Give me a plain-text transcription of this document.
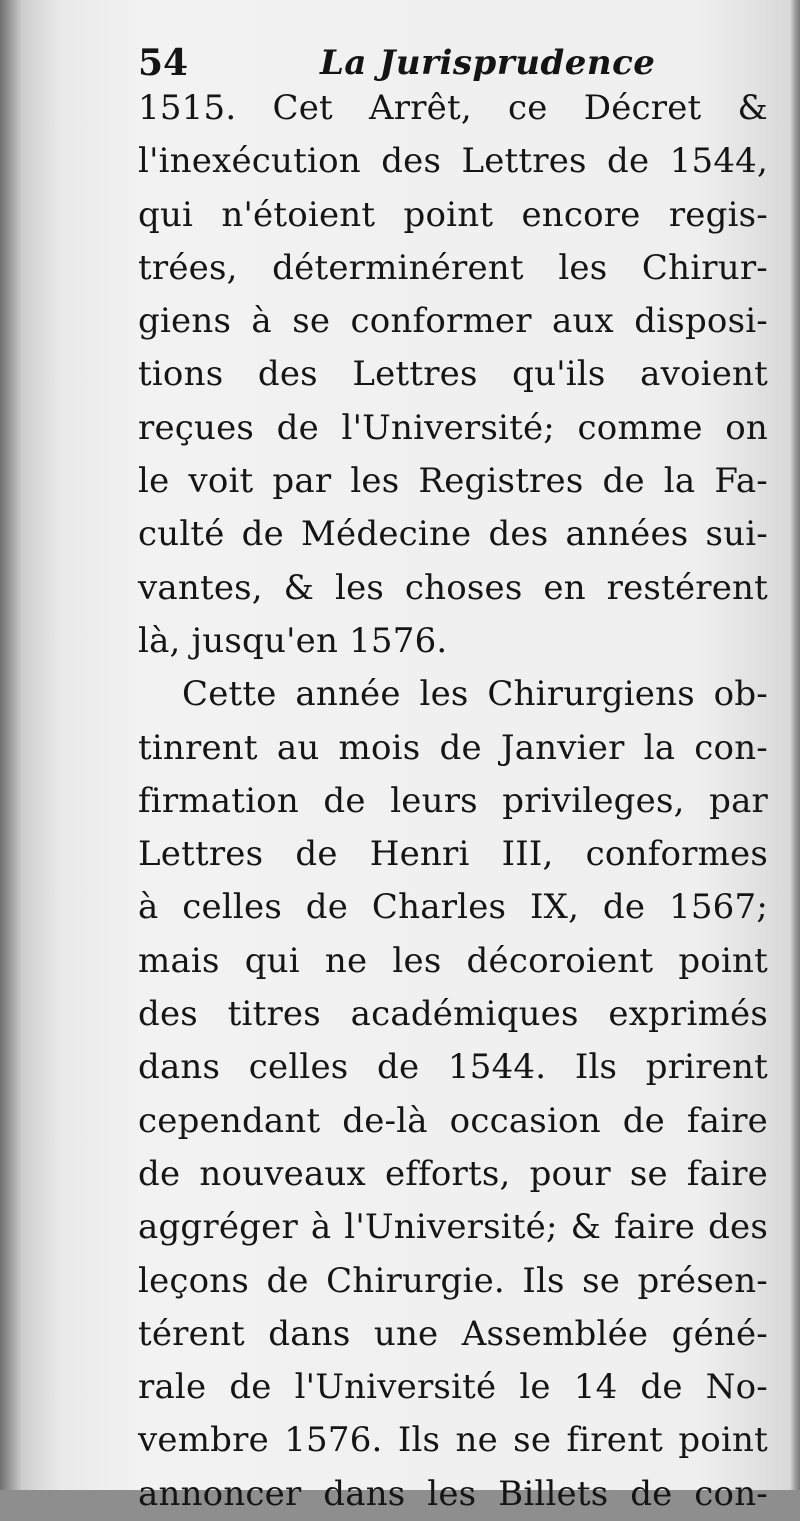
54	La Jurisprudence
1515. Cet Arrêt, ce Décret &
l'inexécution des Lettres de 1544,
qui n'étoient point encore regis-
trées, déterminérent les Chirur-
giens à se conformer aux disposi-
tions des Lettres qu'ils avoient
reçues de l'Université; comme on
le voit par les Registres de la Fa-
culté de Médecine des années sui-
vantes, & les choses en restérent
là, jusqu'en 1576.
Cette année les Chirurgiens ob-
tinrent au mois de Janvier la con-
firmation de leurs privileges, par
Lettres de Henri III, conformes
à celles de Charles IX, de 1567;
mais qui ne les décoroient point
des titres académiques exprimés
dans celles de 1544. Ils prirent
cependant de-là occasion de faire
de nouveaux efforts, pour se faire
aggréger à l'Université; & faire des
leçons de Chirurgie. Ils se présen-
térent dans une Assemblée géné-
rale de l'Université le 14 de No-
vembre 1576. Ils ne se firent point
annoncer dans les Billets de con-
